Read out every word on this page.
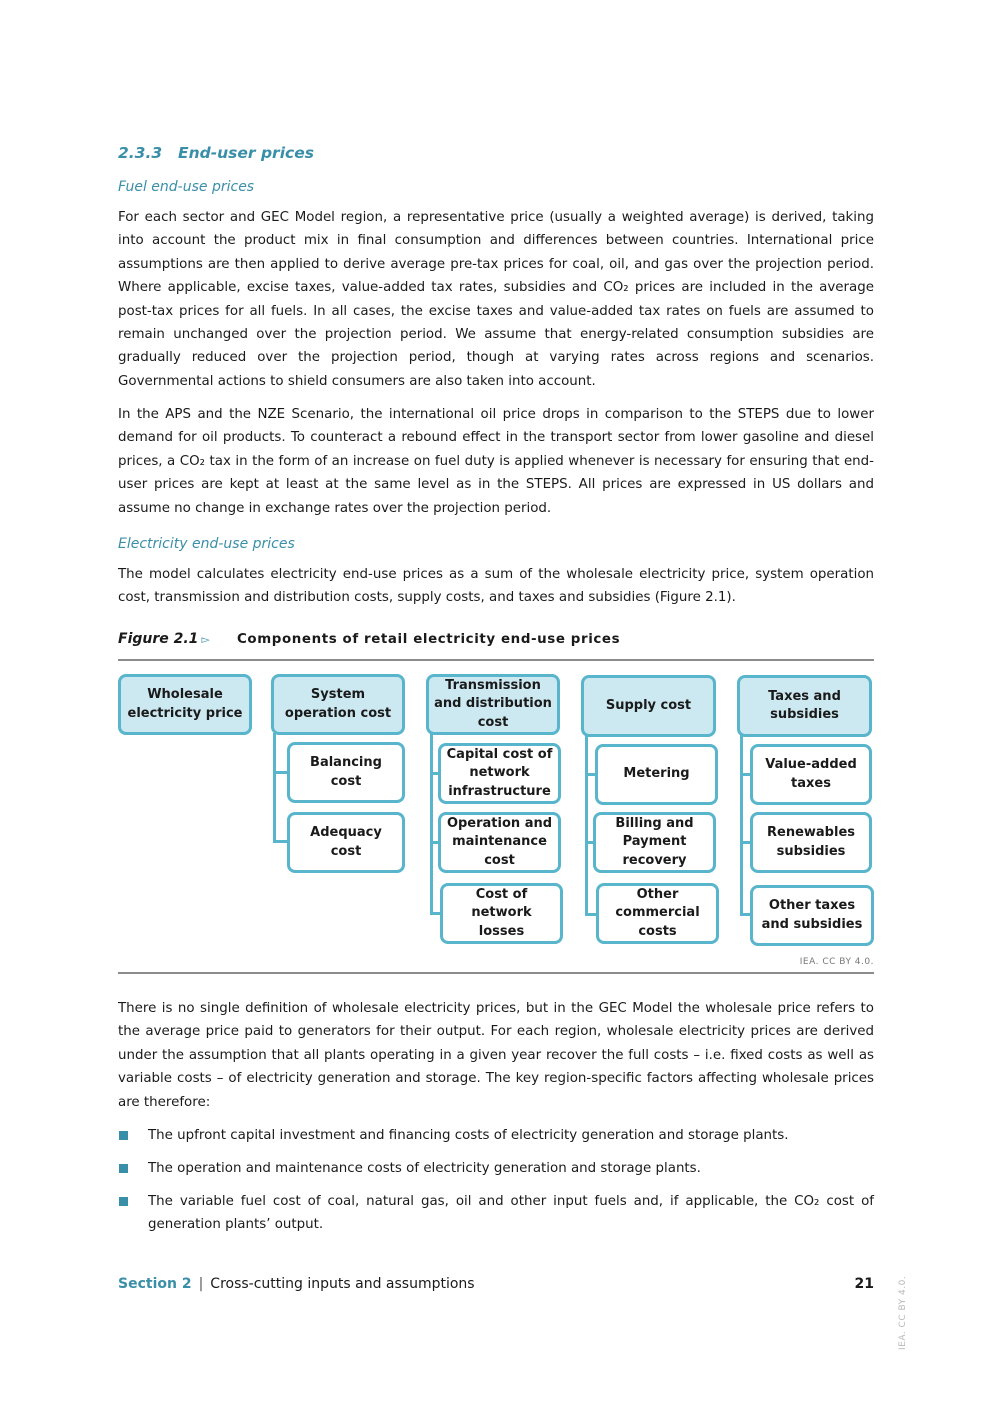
2.3.3 End-user prices
Fuel end-use prices
For each sector and GEC Model region, a representative price (usually a weighted average) is derived, taking into account the product mix in final consumption and differences between countries. International price assumptions are then applied to derive average pre-tax prices for coal, oil, and gas over the projection period. Where applicable, excise taxes, value-added tax rates, subsidies and CO₂ prices are included in the average post-tax prices for all fuels. In all cases, the excise taxes and value-added tax rates on fuels are assumed to remain unchanged over the projection period. We assume that energy-related consumption subsidies are gradually reduced over the projection period, though at varying rates across regions and scenarios. Governmental actions to shield consumers are also taken into account.
In the APS and the NZE Scenario, the international oil price drops in comparison to the STEPS due to lower demand for oil products. To counteract a rebound effect in the transport sector from lower gasoline and diesel prices, a CO₂ tax in the form of an increase on fuel duty is applied whenever is necessary for ensuring that end-user prices are kept at least at the same level as in the STEPS. All prices are expressed in US dollars and assume no change in exchange rates over the projection period.
Electricity end-use prices
The model calculates electricity end-use prices as a sum of the wholesale electricity price, system operation cost, transmission and distribution costs, supply costs, and taxes and subsidies (Figure 2.1).
Figure 2.1 ▻ Components of retail electricity end-use prices
Wholesale electricity price
System operation cost
Balancing cost
Adequacy cost
Transmission and distribution cost
Capital cost of network infrastructure
Operation and maintenance cost
Cost of network losses
Supply cost
Metering
Billing and Payment recovery
Other commercial costs
Taxes and subsidies
Value-added taxes
Renewables subsidies
Other taxes and subsidies
IEA. CC BY 4.0.
There is no single definition of wholesale electricity prices, but in the GEC Model the wholesale price refers to the average price paid to generators for their output. For each region, wholesale electricity prices are derived under the assumption that all plants operating in a given year recover the full costs – i.e. fixed costs as well as variable costs – of electricity generation and storage. The key region-specific factors affecting wholesale prices are therefore:
The upfront capital investment and financing costs of electricity generation and storage plants.
The operation and maintenance costs of electricity generation and storage plants.
The variable fuel cost of coal, natural gas, oil and other input fuels and, if applicable, the CO₂ cost of generation plants’ output.
Section 2 | Cross-cutting inputs and assumptions	21	IEA. CC BY 4.0.
